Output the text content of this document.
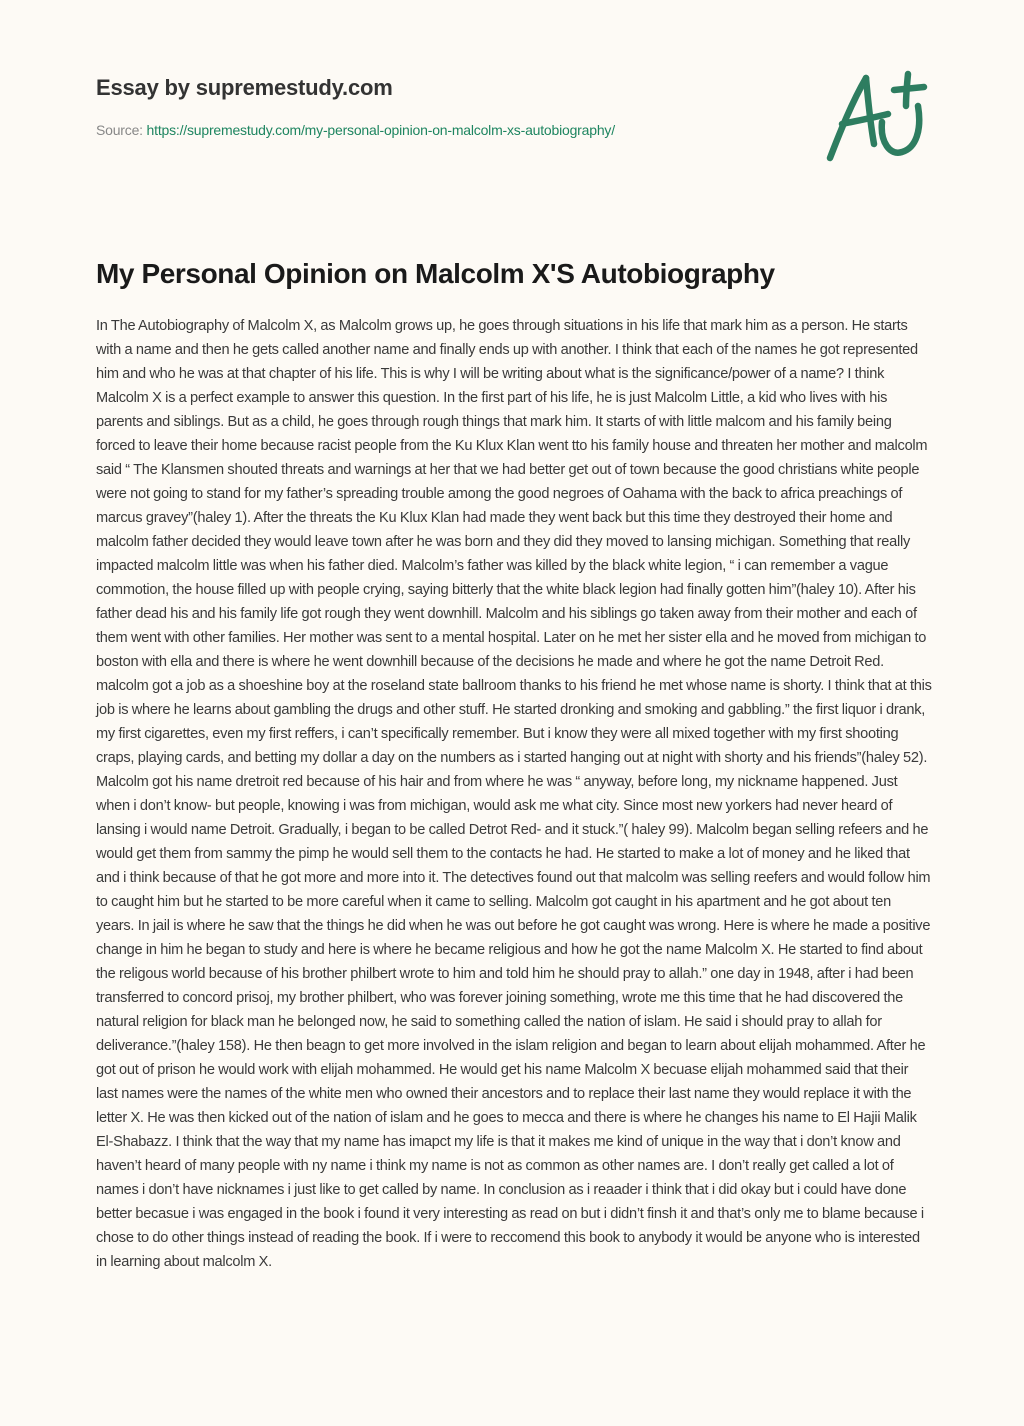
Essay by supremestudy.com
Source: https://supremestudy.com/my-personal-opinion-on-malcolm-xs-autobiography/
My Personal Opinion on Malcolm X'S Autobiography

In The Autobiography of Malcolm X, as Malcolm grows up, he goes through situations in his life that mark him as a person. He starts with a name and then he gets called another name and finally ends up with another. I think that each of the names he got represented him and who he was at that chapter of his life. This is why I will be writing about what is the significance/power of a name? I think Malcolm X is a perfect example to answer this question. In the first part of his life, he is just Malcolm Little, a kid who lives with his parents and siblings. But as a child, he goes through rough things that mark him. It starts of with little malcom and his family being forced to leave their home because racist people from the Ku Klux Klan went tto his family house and threaten her mother and malcolm said “ The Klansmen shouted threats and warnings at her that we had better get out of town because the good christians white people were not going to stand for my father’s spreading trouble among the good negroes of Oahama with the back to africa preachings of marcus gravey”(haley 1). After the threats the Ku Klux Klan had made they went back but this time they destroyed their home and malcolm father decided they would leave town after he was born and they did they moved to lansing michigan. Something that really impacted malcolm little was when his father died. Malcolm’s father was killed by the black white legion, “ i can remember a vague commotion, the house filled up with people crying, saying bitterly that the white black legion had finally gotten him”(haley 10). After his father dead his and his family life got rough they went downhill. Malcolm and his siblings go taken away from their mother and each of them went with other families. Her mother was sent to a mental hospital. Later on he met her sister ella and he moved from michigan to boston with ella and there is where he went downhill because of the decisions he made and where he got the name Detroit Red. malcolm got a job as a shoeshine boy at the roseland state ballroom thanks to his friend he met whose name is shorty. I think that at this job is where he learns about gambling the drugs and other stuff. He started dronking and smoking and gabbling.” the first liquor i drank, my first cigarettes, even my first reffers, i can’t specifically remember. But i know they were all mixed together with my first shooting craps, playing cards, and betting my dollar a day on the numbers as i started hanging out at night with shorty and his friends”(haley 52). Malcolm got his name dretroit red because of his hair and from where he was “ anyway, before long, my nickname happened. Just when i don’t know- but people, knowing i was from michigan, would ask me what city. Since most new yorkers had never heard of lansing i would name Detroit. Gradually, i began to be called Detrot Red- and it stuck.”( haley 99). Malcolm began selling refeers and he would get them from sammy the pimp he would sell them to the contacts he had. He started to make a lot of money and he liked that and i think because of that he got more and more into it. The detectives found out that malcolm was selling reefers and would follow him to caught him but he started to be more careful when it came to selling. Malcolm got caught in his apartment and he got about ten years. In jail is where he saw that the things he did when he was out before he got caught was wrong. Here is where he made a positive change in him he began to study and here is where he became religious and how he got the name Malcolm X. He started to find about the religous world because of his brother philbert wrote to him and told him he should pray to allah.” one day in 1948, after i had been transferred to concord prisoj, my brother philbert, who was forever joining something, wrote me this time that he had discovered the natural religion for black man he belonged now, he said to something called the nation of islam. He said i should pray to allah for deliverance.”(haley 158). He then beagn to get more involved in the islam religion and began to learn about elijah mohammed. After he got out of prison he would work with elijah mohammed. He would get his name Malcolm X becuase elijah mohammed said that their last names were the names of the white men who owned their ancestors and to replace their last name they would replace it with the letter X. He was then kicked out of the nation of islam and he goes to mecca and there is where he changes his name to El Hajii Malik El-Shabazz. I think that the way that my name has imapct my life is that it makes me kind of unique in the way that i don’t know and haven’t heard of many people with ny name i think my name is not as common as other names are. I don’t really get called a lot of names i don’t have nicknames i just like to get called by name. In conclusion as i reaader i think that i did okay but i could have done better becasue i was engaged in the book i found it very interesting as read on but i didn’t finsh it and that’s only me to blame because i chose to do other things instead of reading the book. If i were to reccomend this book to anybody it would be anyone who is interested in learning about malcolm X.
